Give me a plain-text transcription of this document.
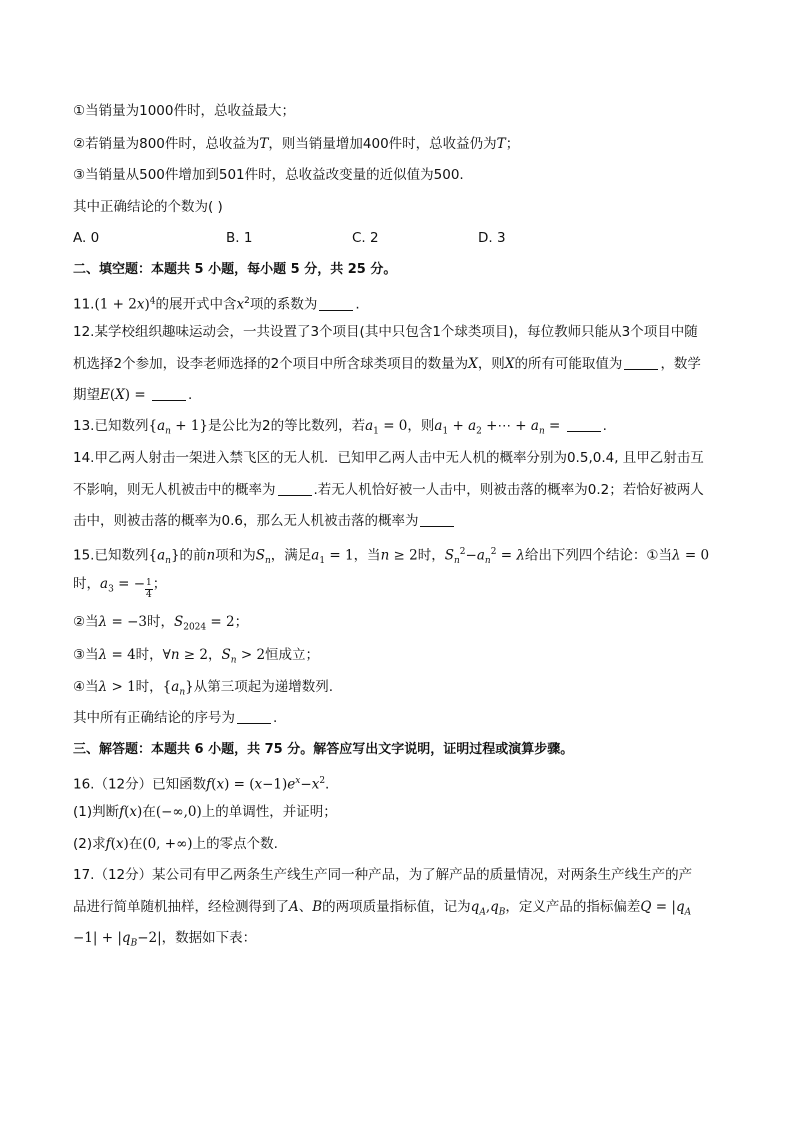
①当销量为1000件时，总收益最大；
②若销量为800件时，总收益为T，则当销量增加400件时，总收益仍为T；
③当销量从500件增加到501件时，总收益改变量的近似值为500.
其中正确结论的个数为( )
A. 0	B. 1	C. 2	D. 3
二、填空题：本题共 5 小题，每小题 5 分，共 25 分。
$11.(1 + 2x)^4$的展开式中含$x^2$项的系数为	.
12.某学校组织趣味运动会，一共设置了3个项目(其中只包含1个球类项目)，每位教师只能从3个项目中随
机选择2个参加，设李老师选择的2个项目中所含球类项目的数量为X，则X的所有可能取值为	，数学
期望E(X) =	.
13.已知数列$\{a_n + 1\}$是公比为2的等比数列，若$a_1 = 0$，则$a_1 + a_2$ +⋯ + $a_n$ =	.
14.甲乙两人射击一架进入禁飞区的无人机．已知甲乙两人击中无人机的概率分别为0.5,0.4, 且甲乙射击互
不影响，则无人机被击中的概率为	.若无人机恰好被一人击中，则被击落的概率为0.2；若恰好被两人
击中，则被击落的概率为0.6，那么无人机被击落的概率为
15.已知数列$\{a_n\}$的前n项和为$S_n$，满足$a_1 = 1$，当n ≥ 2时，$S_n^2-a_n^2 = \lambda$给出下列四个结论：①当λ = 0
时，$a_3$ = − $\frac{1}{4}$ ；
②当λ = −3时，$S_{2024} = 2$；
③当λ = 4时，∀n ≥ 2，$S_n > 2$恒成立；
④当λ > 1时，$\{a_n\}$从第三项起为递增数列.
其中所有正确结论的序号为	.
三、解答题：本题共 6 小题，共 75 分。解答应写出文字说明，证明过程或演算步骤。
16.（12分）已知函数$f(x) = (x-1)e^x-x^2$.
(1)判断f(x)在(−∞,0)上的单调性，并证明；
(2)求f(x)在(0, +∞)上的零点个数.
17.（12分）某公司有甲乙两条生产线生产同一种产品，为了解产品的质量情况，对两条生产线生产的产
品进行简单随机抽样，经检测得到了A、B的两项质量指标值，记为$q_A,q_B$，定义产品的指标偏差$Q = |q_A$
$-1| + |q_B-2|$，数据如下表：
